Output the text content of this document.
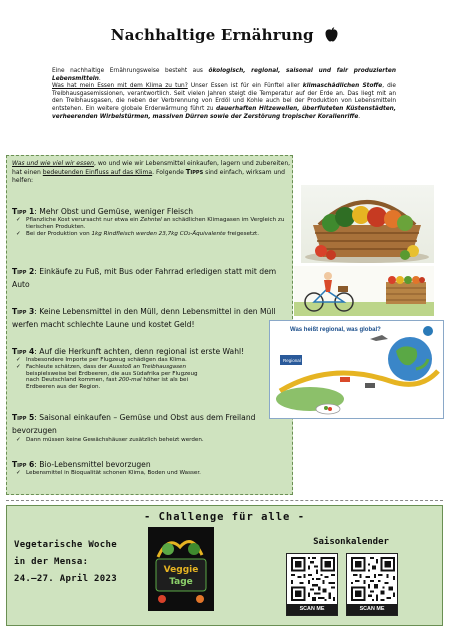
Nachhaltige Ernährung
Eine nachhaltige Ernährungsweise besteht aus ökologisch, regional, saisonal und fair produzierten Lebensmitteln.
Was hat mein Essen mit dem Klima zu tun? Unser Essen ist für ein Fünftel aller klimaschädlichen Stoffe, die Treibhausgasemissionen, verantwortlich. Seit vielen Jahren steigt die Temperatur auf der Erde an. Das liegt mit an den Treibhausgasen, die neben der Verbrennung von Erdöl und Kohle auch bei der Produktion von Lebensmitteln entstehen. Ein weitere globale Erderwärmung führt zu dauerhaften Hitzewellen, überfluteten Küstenstädten, verheerenden Wirbelstürmen, massiven Dürren sowie der Zerstörung tropischer Korallenriffe.
Was und wie viel wir essen, wo und wie wir Lebensmittel einkaufen, lagern und zubereiten, hat einen bedeutenden Einfluss auf das Klima. Folgende Tipps sind einfach, wirksam und helfen:
Tipp 1: Mehr Obst und Gemüse, weniger Fleisch
✓ Pflanzliche Kost verursacht nur etwa ein Zehntel an schädlichen Klimagasen im Vergleich zu tierischen Produkten.
✓ Bei der Produktion von 1kg Rindfleisch werden 23,7kg CO₂-Äquivalente freigesetzt.
Tipp 2: Einkäufe zu Fuß, mit Bus oder Fahrrad erledigen statt mit dem Auto
Tipp 3: Keine Lebensmittel in den Müll, denn Lebensmittel in den Müll werfen macht schlechte Laune und kostet Geld!
Tipp 4: Auf die Herkunft achten, denn regional ist erste Wahl!
✓ Insbesondere Importe per Flugzeug schädigen das Klima.
✓ Fachleute schätzen, dass der Ausstoß an Treibhausgasen beispielsweise bei Erdbeeren, die aus Südafrika per Flugzeug nach Deutschland kommen, fast 200-mal höher ist als bei Erdbeeren aus der Region.
Tipp 5: Saisonal einkaufen – Gemüse und Obst aus dem Freiland bevorzugen
✓ Dann müssen keine Gewächshäuser zusätzlich beheizt werden.
Tipp 6: Bio-Lebensmittel bevorzugen
✓ Lebensmittel in Bioqualität schonen Klima, Boden und Wasser.
Was heißt regional, was global?
Regional
- Challenge für alle -
Vegetarische Woche
in der Mensa:
24.–27. April 2023
Veggie
Tage
Saisonkalender
SCAN ME	SCAN ME
